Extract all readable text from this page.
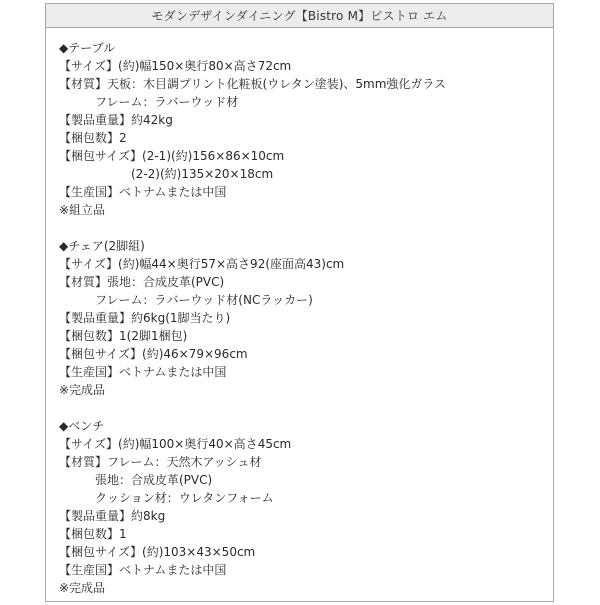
モダンデザインダイニング【Bistro M】ビストロ エム
◆テーブル
【サイズ】(約)幅150×奥行80×高さ72cm
【材質】天板：木目調プリント化粧板(ウレタン塗装)、5mm強化ガラス
フレーム：ラバーウッド材
【製品重量】約42kg
【梱包数】2
【梱包サイズ】(2-1)(約)156×86×10cm
(2-2)(約)135×20×18cm
【生産国】ベトナムまたは中国
※組立品
◆チェア(2脚組)
【サイズ】(約)幅44×奥行57×高さ92(座面高43)cm
【材質】張地：合成皮革(PVC)
フレーム：ラバーウッド材(NCラッカー)
【製品重量】約6kg(1脚当たり)
【梱包数】1(2脚1梱包)
【梱包サイズ】(約)46×79×96cm
【生産国】ベトナムまたは中国
※完成品
◆ベンチ
【サイズ】(約)幅100×奥行40×高さ45cm
【材質】フレーム：天然木アッシュ材
張地：合成皮革(PVC)
クッション材：ウレタンフォーム
【製品重量】約8kg
【梱包数】1
【梱包サイズ】(約)103×43×50cm
【生産国】ベトナムまたは中国
※完成品
